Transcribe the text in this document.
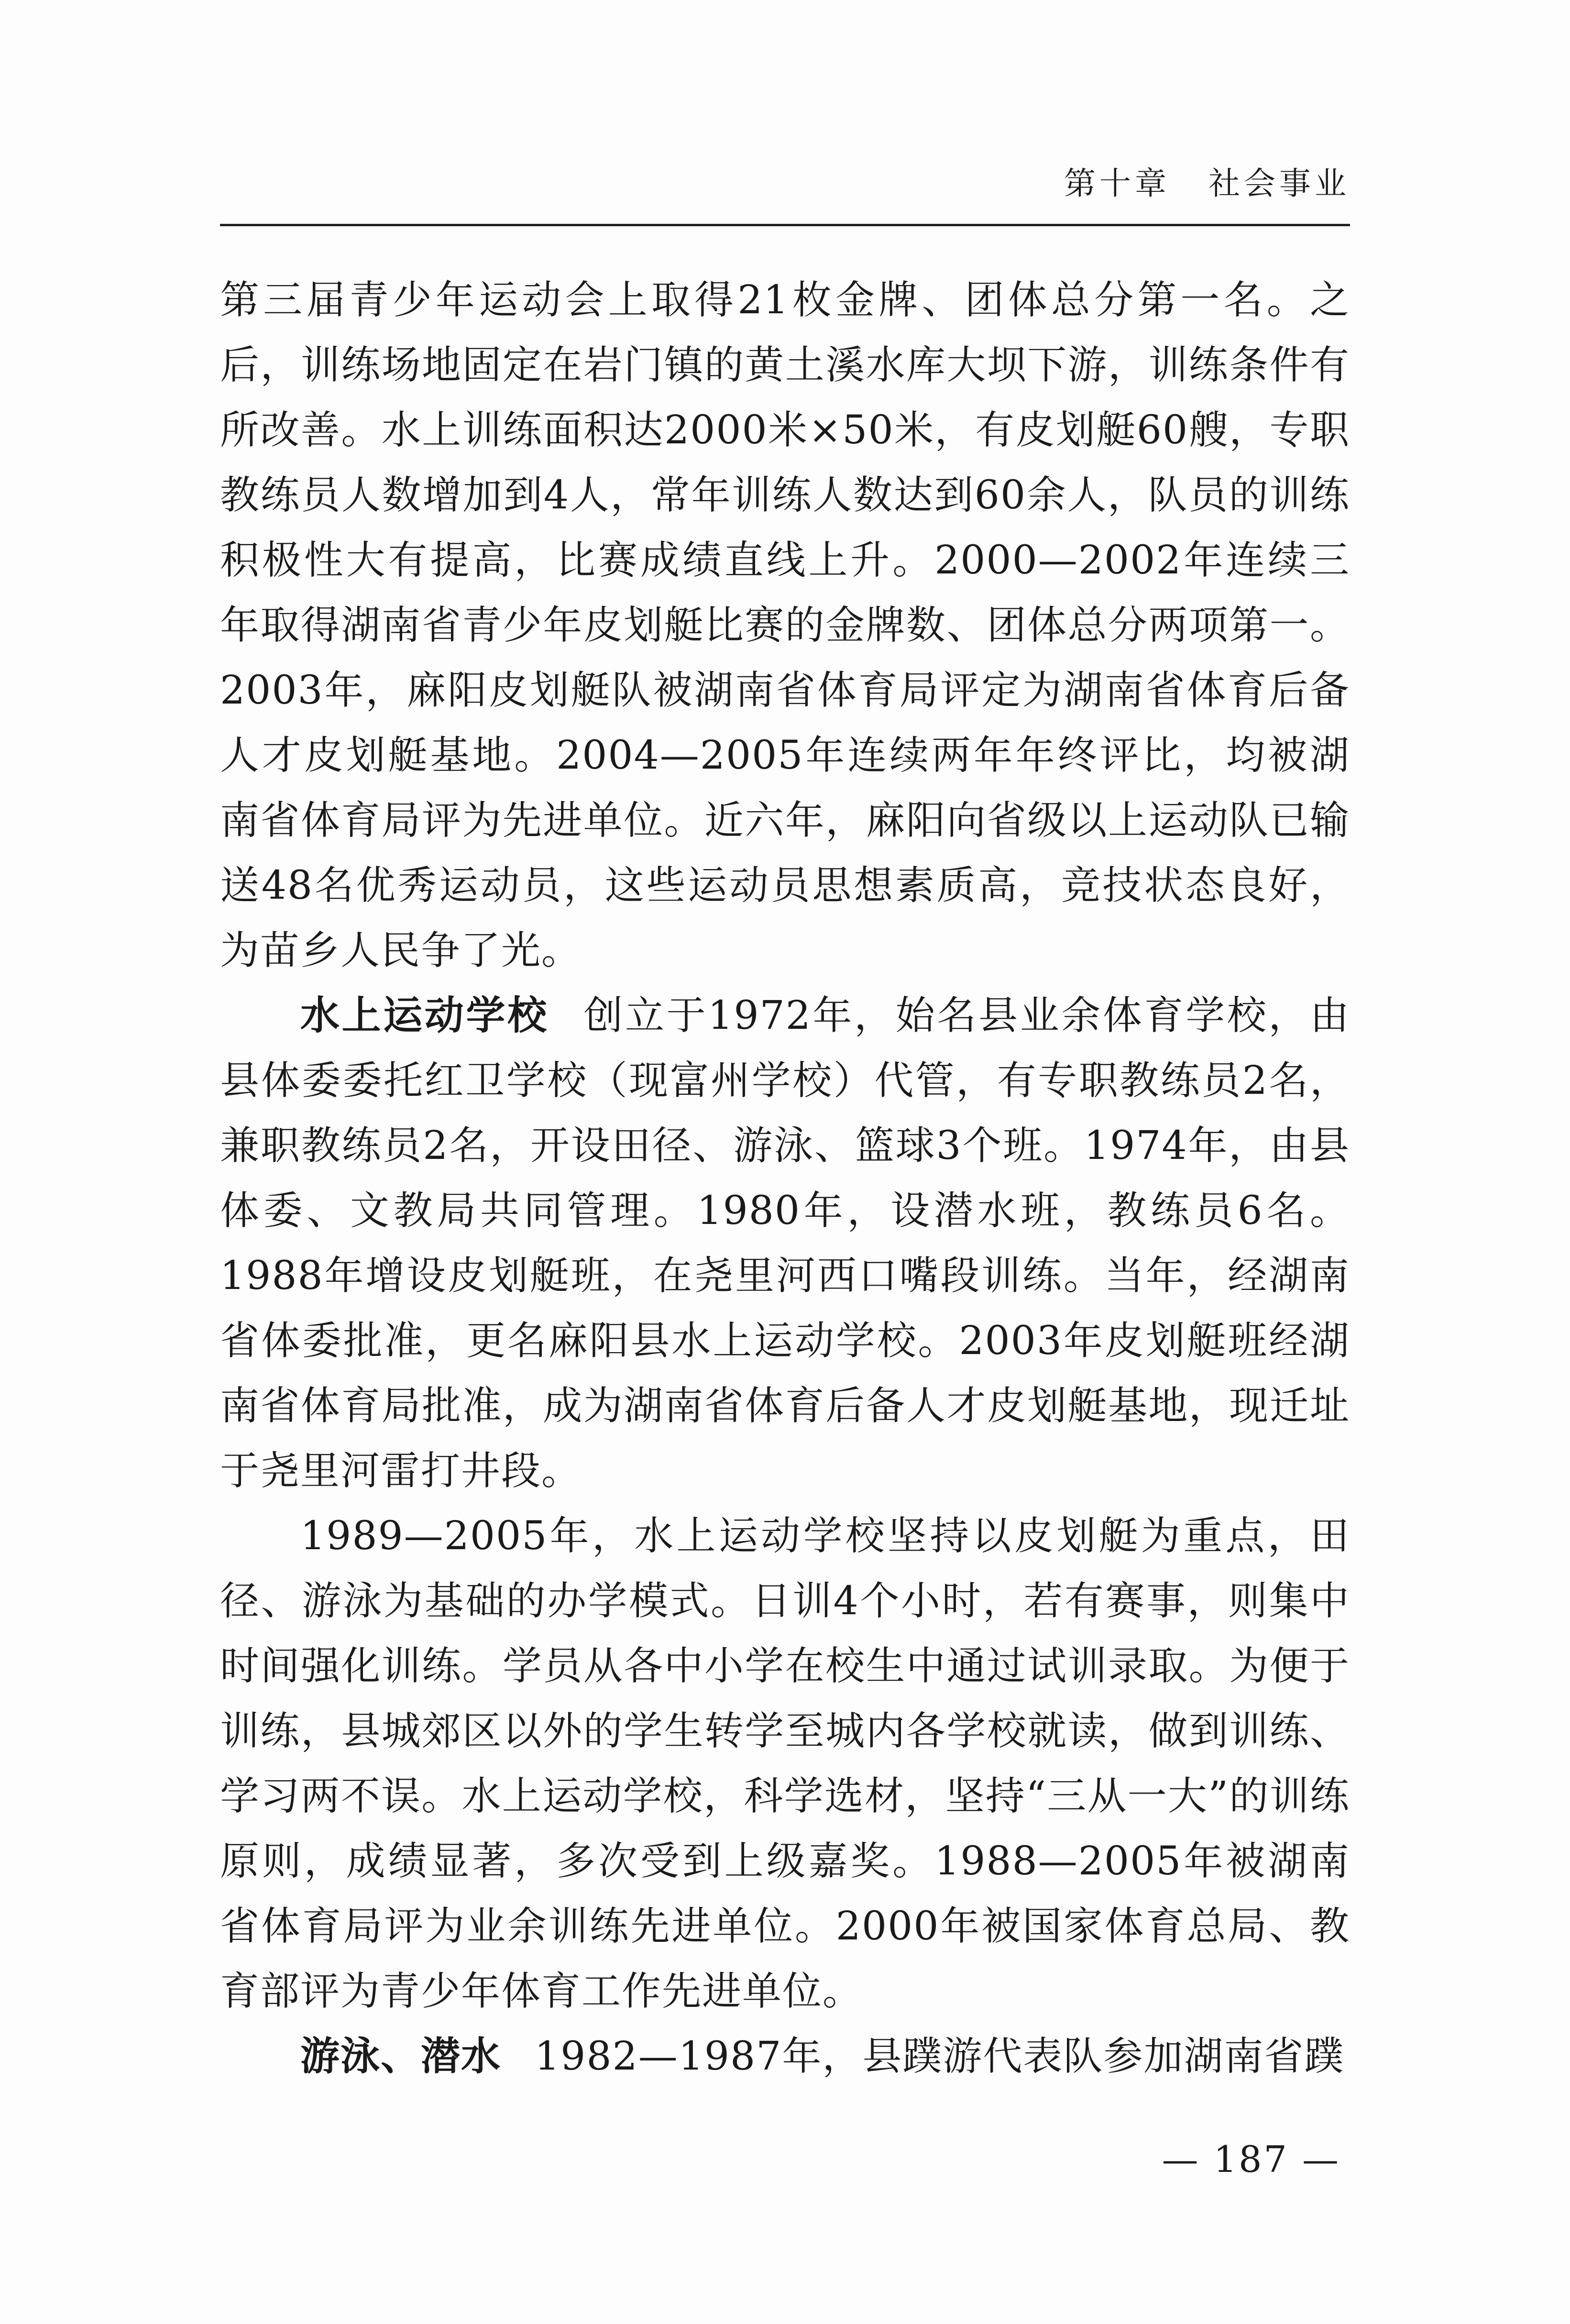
第十章 社会事业

第三届青少年运动会上取得21枚金牌、团体总分第一名。之后，训练场地固定在岩门镇的黄土溪水库大坝下游，训练条件有所改善。水上训练面积达2000米×50米，有皮划艇60艘，专职教练员人数增加到4人，常年训练人数达到60余人，队员的训练积极性大有提高，比赛成绩直线上升。2000—2002年连续三年取得湖南省青少年皮划艇比赛的金牌数、团体总分两项第一。2003年，麻阳皮划艇队被湖南省体育局评定为湖南省体育后备人才皮划艇基地。2004—2005年连续两年年终评比，均被湖南省体育局评为先进单位。近六年，麻阳向省级以上运动队已输送48名优秀运动员，这些运动员思想素质高，竞技状态良好，为苗乡人民争了光。

水上运动学校 创立于1972年，始名县业余体育学校，由县体委委托红卫学校（现富州学校）代管，有专职教练员2名，兼职教练员2名，开设田径、游泳、篮球3个班。1974年，由县体委、文教局共同管理。1980年，设潜水班，教练员6名。1988年增设皮划艇班，在尧里河西口嘴段训练。当年，经湖南省体委批准，更名麻阳县水上运动学校。2003年皮划艇班经湖南省体育局批准，成为湖南省体育后备人才皮划艇基地，现迁址于尧里河雷打井段。

1989—2005年，水上运动学校坚持以皮划艇为重点，田径、游泳为基础的办学模式。日训4个小时，若有赛事，则集中时间强化训练。学员从各中小学在校生中通过试训录取。为便于训练，县城郊区以外的学生转学至城内各学校就读，做到训练、学习两不误。水上运动学校，科学选材，坚持“三从一大”的训练原则，成绩显著，多次受到上级嘉奖。1988—2005年被湖南省体育局评为业余训练先进单位。2000年被国家体育总局、教育部评为青少年体育工作先进单位。

游泳、潜水 1982—1987年，县蹼游代表队参加湖南省蹼

— 187 —
